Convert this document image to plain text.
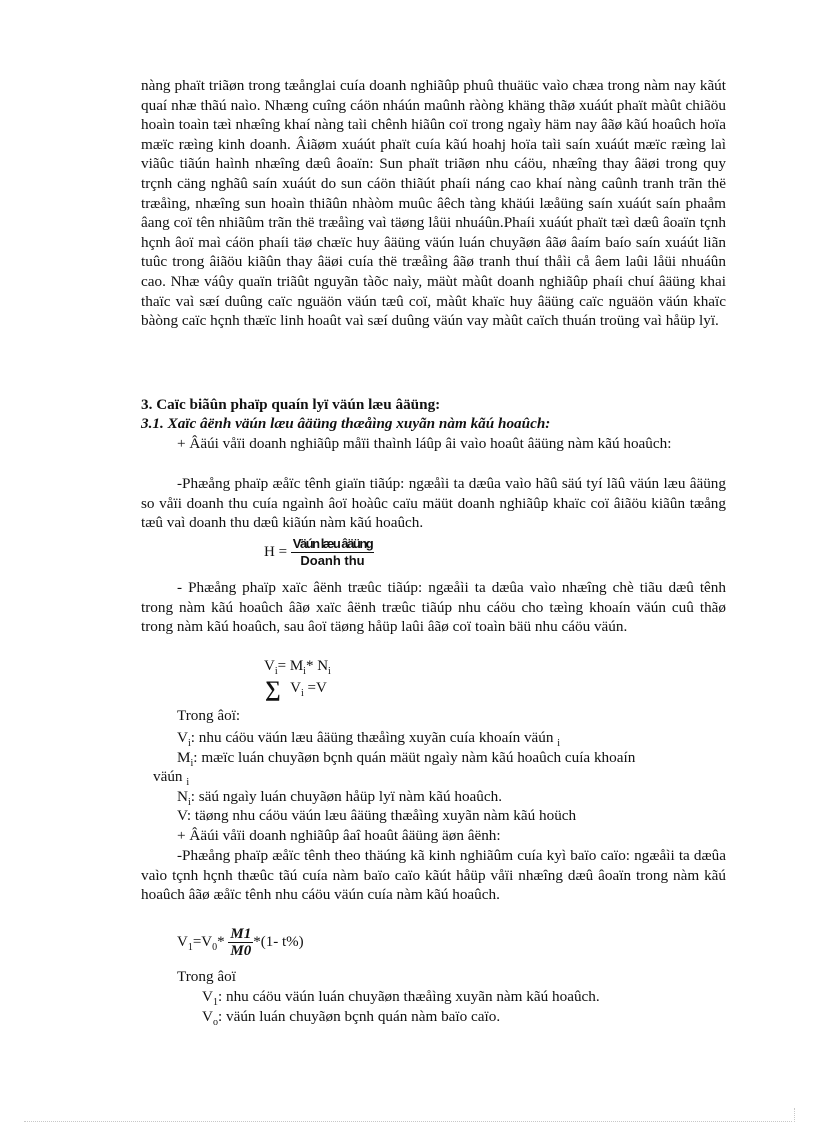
nàng phaït triãøn trong tæånglai cuía doanh nghiãûp phuû thuäüc vaìo chæa trong nàm nay kãút quaí nhæ thãú naìo. Nhæng cuîng cáön nháún maûnh ràòng khäng thãø xuáút phaït màût chiãöu hoaìn toaìn tæì nhæîng khaí nàng taìi chênh hiãûn coï trong ngaìy häm nay âãø kãú hoaûch hoïa mæïc ræìng kinh doanh. Âiãøm xuáút phaït cuía kãú hoahj hoïa taìi saín xuáút mæïc ræìng laì viãûc tiãún haình nhæîng dæû âoaïn: Sun phaït triãøn nhu cáöu, nhæîng thay âäøi trong quy trçnh cäng nghãû saín xuáút do sun cáön thiãút phaíi náng cao khaí nàng caûnh tranh trãn thë træåìng, nhæîng sun hoaìn thiãûn nhàòm muûc âêch tàng khäúi læåüng saín xuáút saín phaåm âang coï tên nhiãûm trãn thë træåìng vaì täøng låüi nhuáûn.Phaíi xuáút phaït tæì dæû âoaïn tçnh hçnh âoï maì cáön phaíi täø chæïc huy âäüng väún luán chuyãøn âãø âaím baío saín xuáút liãn tuûc trong âiãöu kiãûn thay âäøi cuía thë træåìng âãø tranh thuí thåìi cå âem laûi låüi nhuáûn cao. Nhæ váûy quaïn triãût nguyãn tàõc naìy, mäùt màût doanh nghiãûp phaíi chuí âäüng khai thaïc vaì sæí duûng caïc nguäön väún tæû coï, màût khaïc huy âäüng caïc nguäön väún khaïc bàòng caïc hçnh thæïc linh hoaût vaì sæí duûng väún vay màût caïch thuán troüng vaì håüp lyï.

3. Caïc biãûn phaïp quaín lyï väún læu âäüng:

3.1. Xaïc âënh väún læu âäüng thæåìng xuyãn nàm kãú hoaûch:

+ Âäúi våïi doanh nghiãûp måïi thaình láûp âi vaìo hoaût âäüng nàm kãú hoaûch:

-Phæång phaïp æåïc tênh giaïn tiãúp: ngæåìi ta dæûa vaìo hãû säú tyí lãû väún læu âäüng so våïi doanh thu cuía ngaình âoï hoàûc caïu mäüt doanh nghiãûp khaïc coï âiãöu kiãûn tæång tæû vaì doanh thu dæû kiãún nàm kãú hoaûch.

$H = \frac{\text{Väún læu âäüng}}{\text{Doanh thu}}$

- Phæång phaïp xaïc âënh træûc tiãúp: ngæåìi ta dæûa vaìo nhæîng chè tiãu dæû tênh trong nàm kãú hoaûch âãø xaïc âënh træûc tiãúp nhu cáöu cho tæìng khoaín väún cuû thãø trong nàm kãú hoaûch, sau âoï täøng håüp laûi âãø coï toaìn bäü nhu cáöu väún.

$V_i= M_i*$ $N_i$
∑ $V_i =V$

Trong âoï:

$V_i$: nhu cáöu väún læu âäüng thæåìng xuyãn cuía khoaín väún $_i$

$M_i$: mæïc luán chuyãøn bçnh quán mäüt ngaìy nàm kãú hoaûch cuía khoaín

väún $_i$

$N_i$: säú ngaìy luán chuyãøn håüp lyï nàm kãú hoaûch.

V: täøng nhu cáöu väún læu âäüng thæåìng xuyãn nàm kãú hoüch

+ Âäúi våïi doanh nghiãûp âaî hoaût âäüng äøn âënh:

-Phæång phaïp æåïc tênh theo thäúng kã kinh nghiãûm cuía kyì baïo caïo: ngæåìi ta dæûa vaìo tçnh hçnh thæûc tãú cuía nàm baïo caïo kãút håüp våïi nhæîng dæû âoaïn trong nàm kãú hoaûch âãø æåïc tênh nhu cáöu väún cuía nàm kãú hoaûch.

$V_1=V_0* \frac{M1}{M0} *(1-$ t%)

Trong âoï

$V_1$: nhu cáöu väún luán chuyãøn thæåìng xuyãn nàm kãú hoaûch.

$V_o$: väún luán chuyãøn bçnh quán nàm baïo caïo.
